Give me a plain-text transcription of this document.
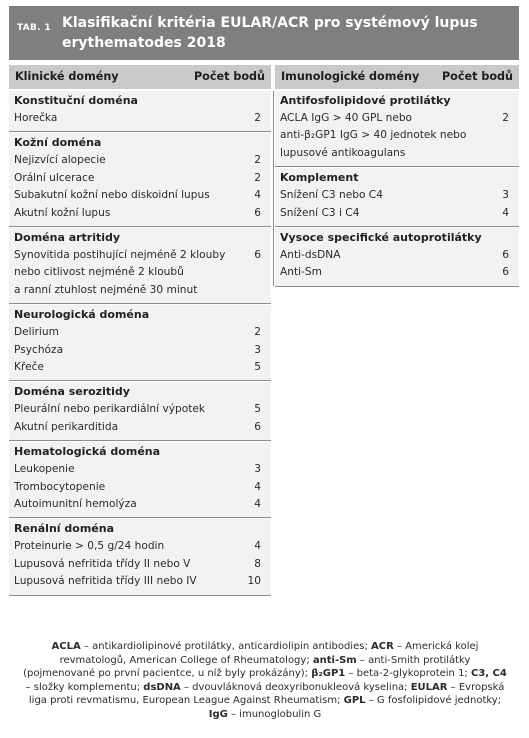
TAB. 1 Klasifikační kritéria EULAR/ACR pro systémový lupus erythematodes 2018
Klinické domény	Počet bodů Imunologické domény Počet bodů
Konstituční doména
Horečka	2
Kožní doména
Nejizvící alopecie	2
Orální ulcerace	2
Subakutní kožní nebo diskoidní lupus	4
Akutní kožní lupus	6
Doména artritidy
Synovitida postihující nejméně 2 klouby	6
nebo citlivost nejméně 2 kloubů
a ranní ztuhlost nejméně 30 minut
Neurologická doména
Delirium	2
Psychóza	3
Křeče	5
Doména serozitidy
Pleurální nebo perikardiální výpotek	5
Akutní perikarditida	6
Hematologická doména
Leukopenie	3
Trombocytopenie	4
Autoimunitní hemolýza	4
Renální doména
Proteinurie > 0,5 g/24 hodin	4
Lupusová nefritida třídy II nebo V	8
Lupusová nefritida třídy III nebo IV	10
Antifosfolipidové protilátky
ACLA IgG > 40 GPL nebo	2
anti-β₂GP1 IgG > 40 jednotek nebo
lupusové antikoagulans
Komplement
Snížení C3 nebo C4	3
Snížení C3 i C4	4
Vysoce specifické autoprotilátky
Anti-dsDNA	6
Anti-Sm	6
ACLA – antikardiolipinové protilátky, anticardiolipin antibodies; ACR – Americká kolej revmatologů, American College of Rheumatology; anti-Sm – anti-Smith protilátky (pojmenované po první pacientce, u níž byly prokázány); β₂GP1 – beta-2-glykoprotein 1; C3, C4 – složky komplementu; dsDNA – dvouvláknová deoxyribonukleová kyselina; EULAR – Evropská liga proti revmatismu, European League Against Rheumatism; GPL – G fosfolipidové jednotky; IgG – imunoglobulin G
